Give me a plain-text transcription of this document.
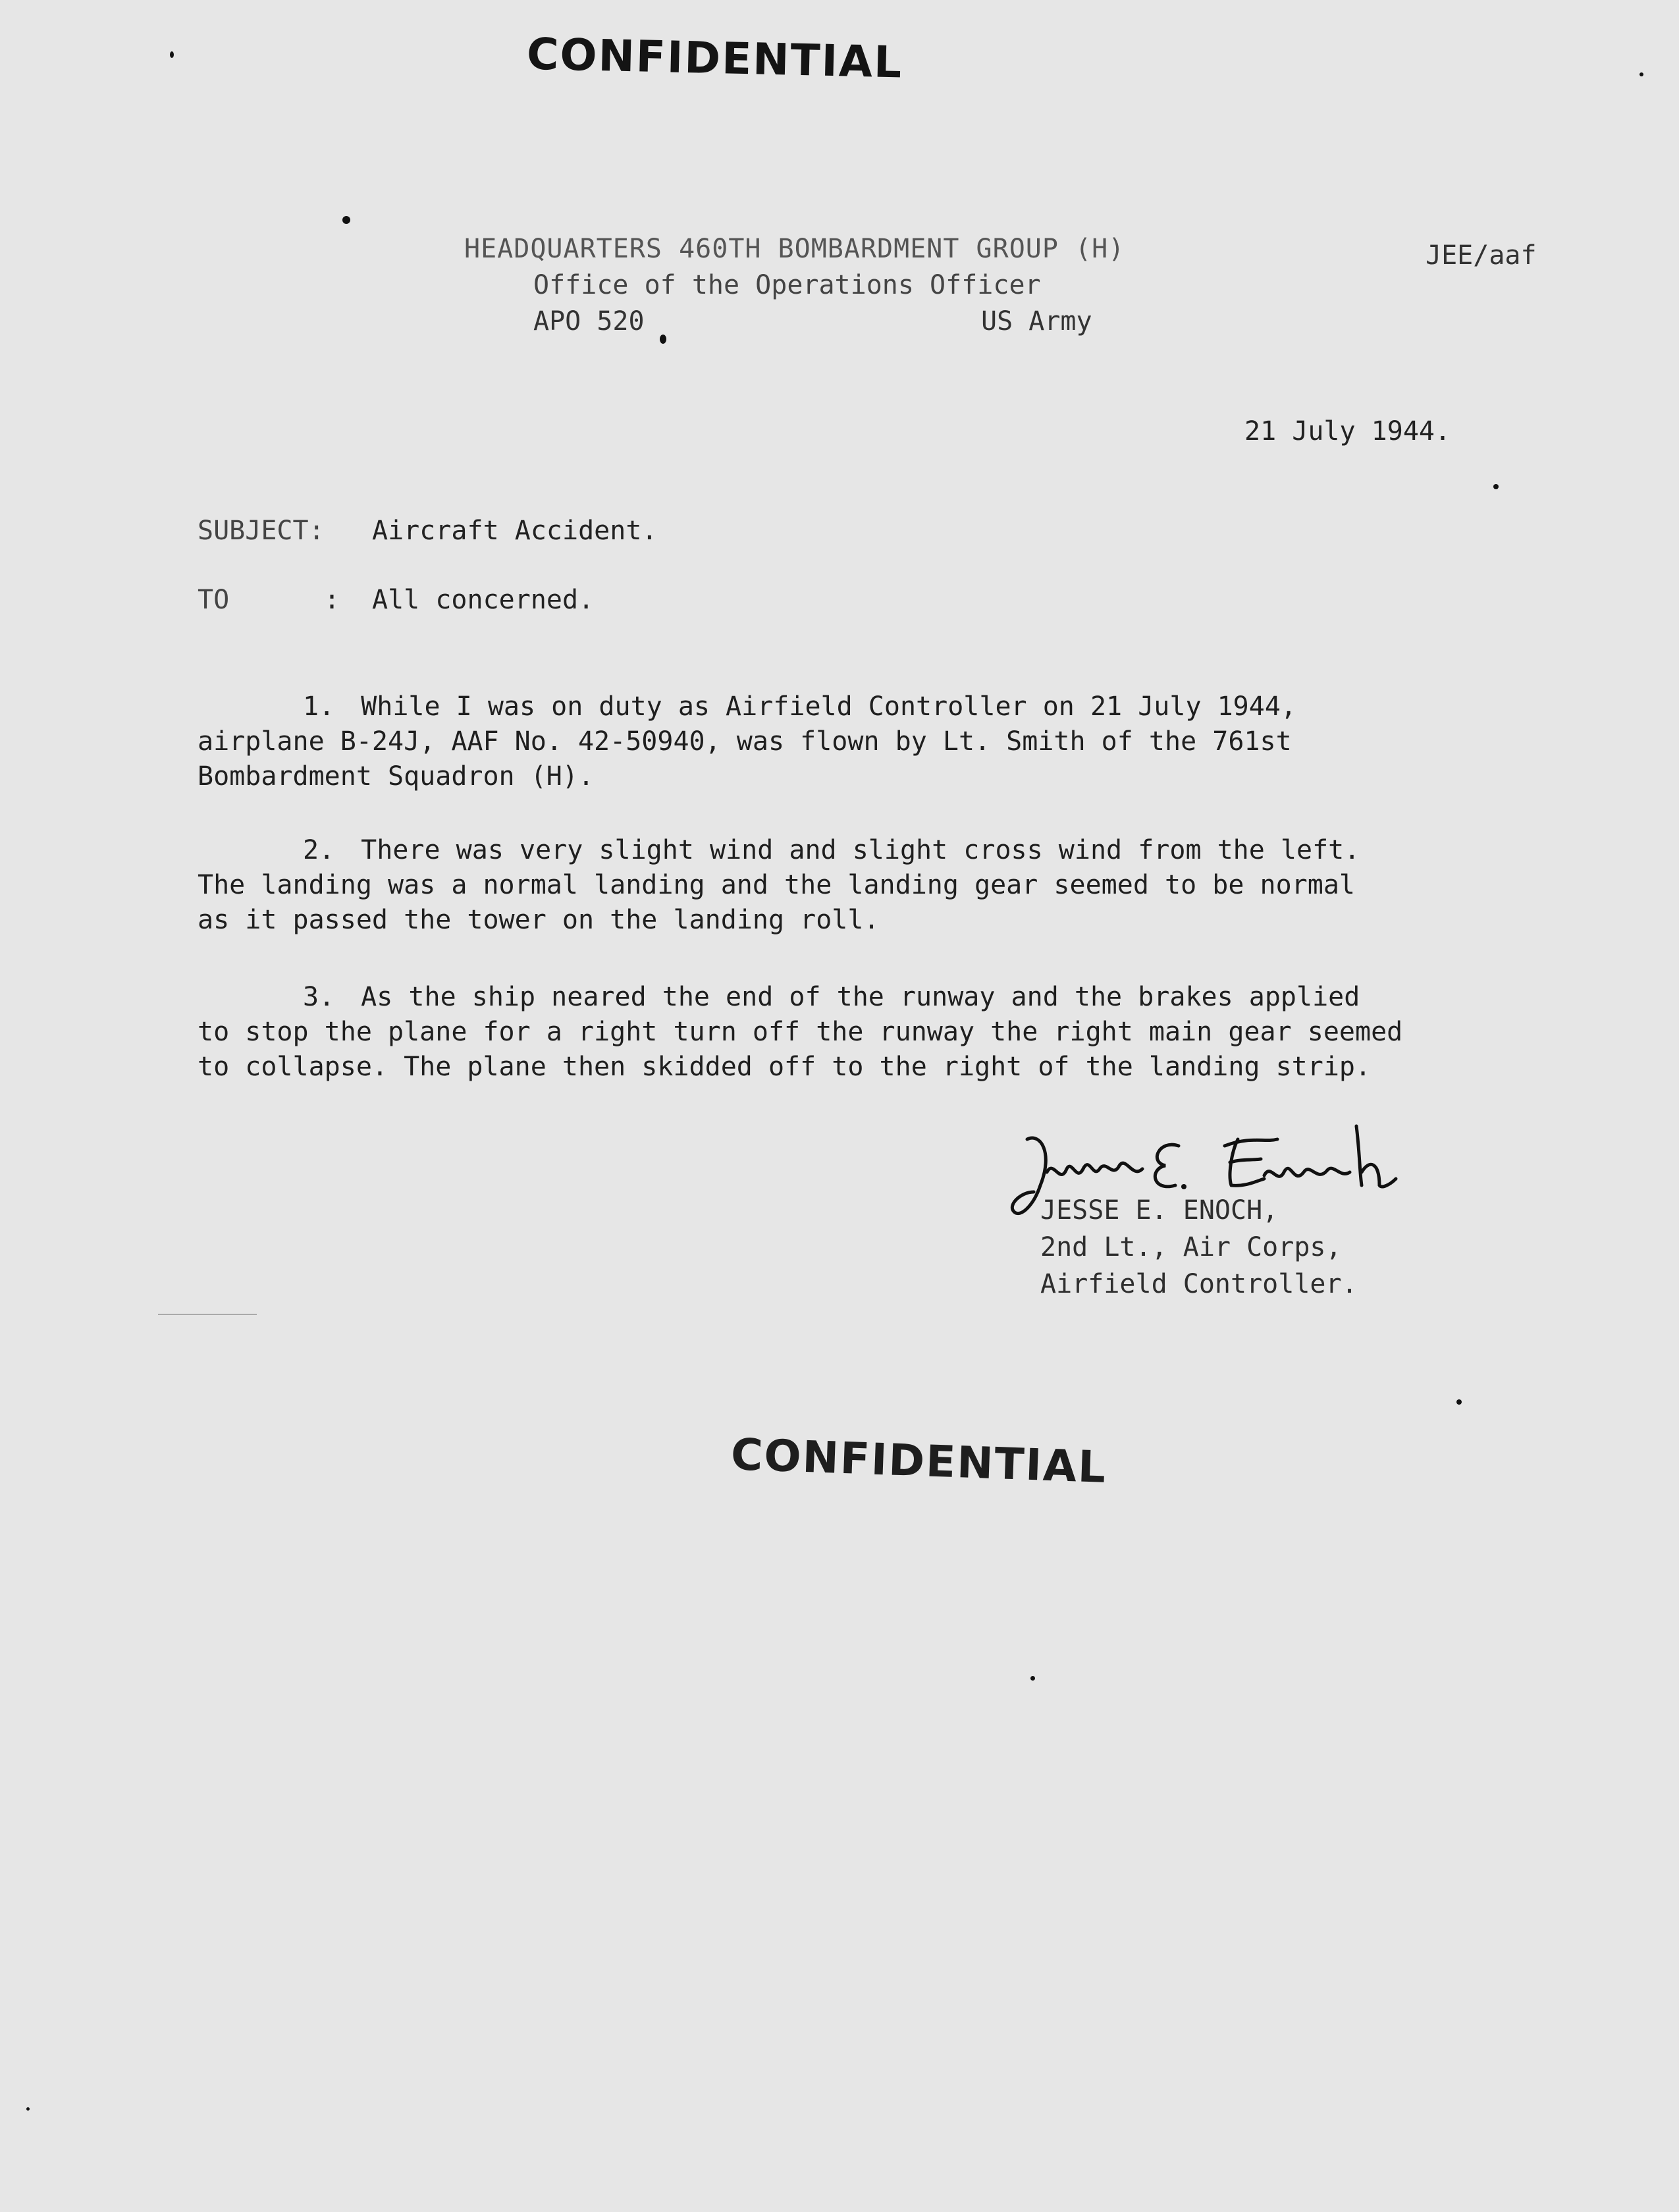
CONFIDENTIAL
HEADQUARTERS 460TH BOMBARDMENT GROUP (H)
Office of the Operations Officer
APO 520	US Army
JEE/aaf
21 July 1944.
SUBJECT: Aircraft Accident.
TO	: All concerned.
1. While I was on duty as Airfield Controller on 21 July 1944,
airplane B-24J, AAF No. 42-50940, was flown by Lt. Smith of the 761st
Bombardment Squadron (H).
2. There was very slight wind and slight cross wind from the left.
The landing was a normal landing and the landing gear seemed to be normal
as it passed the tower on the landing roll.
3. As the ship neared the end of the runway and the brakes applied
to stop the plane for a right turn off the runway the right main gear seemed
to collapse. The plane then skidded off to the right of the landing strip.
JESSE E. ENOCH,
2nd Lt., Air Corps,
Airfield Controller.
CONFIDENTIAL
